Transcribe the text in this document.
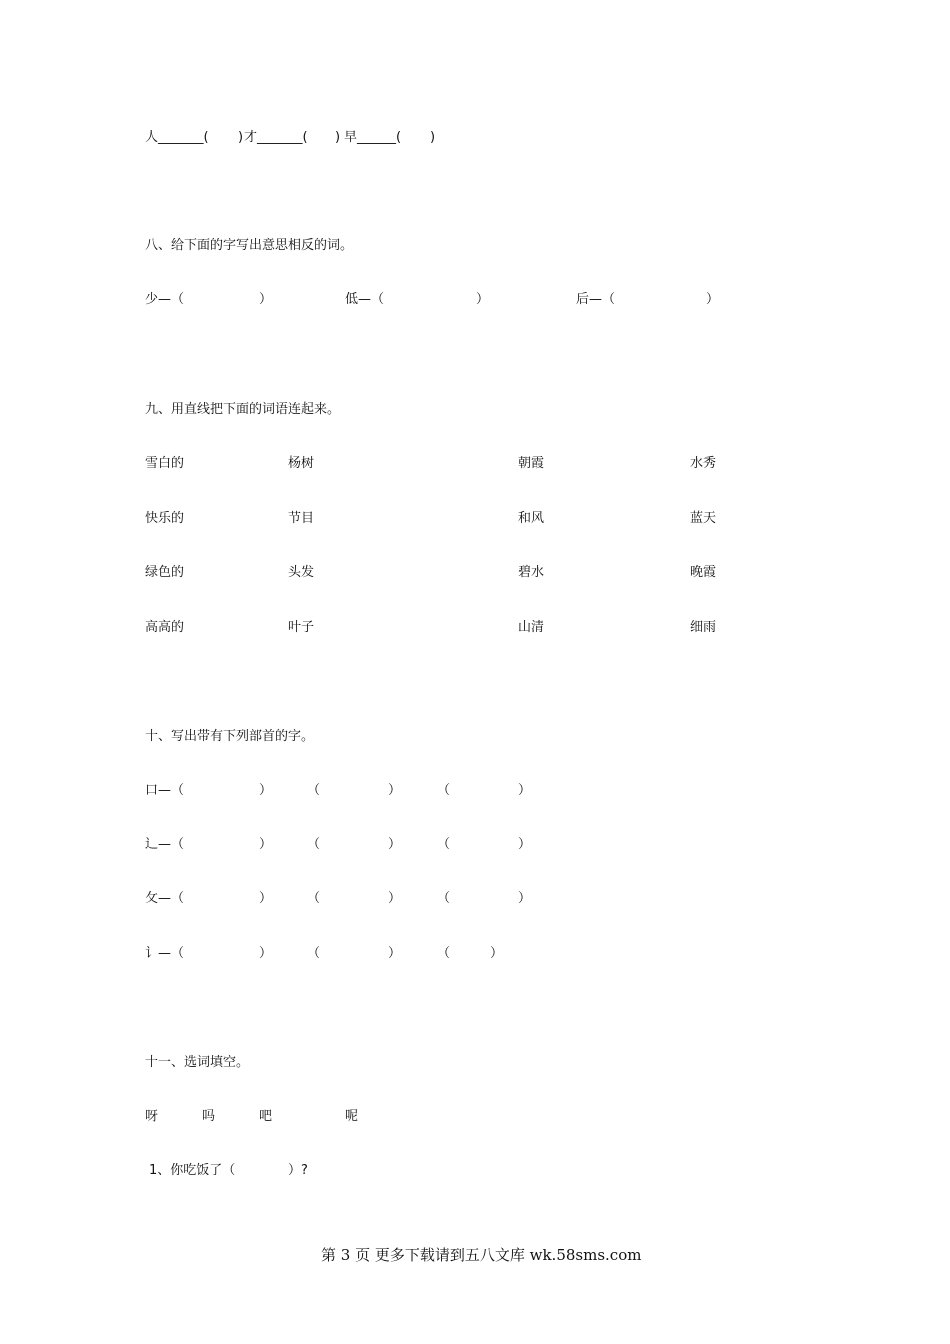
人_______( ) 才_______( ) 早______( )
八、给下面的字写出意思相反的词。
少—（	）	低—（	）	后—（	）
九、用直线把下面的词语连起来。
雪白的	杨树	朝霞	水秀
快乐的	节目	和风	蓝天
绿色的	头发	碧水	晚霞
高高的	叶子	山清	细雨
十、写出带有下列部首的字。
口—（	）	（	）	（	）
辶—（	）	（	）	（	）
攵—（	）	（	）	（	）
讠—（	）	（	）	（	）
十一、选词填空。
呀	吗	吧	呢
1、你吃饭了（	）?
第 3 页 更多下载请到五八文库 wk.58sms.com
